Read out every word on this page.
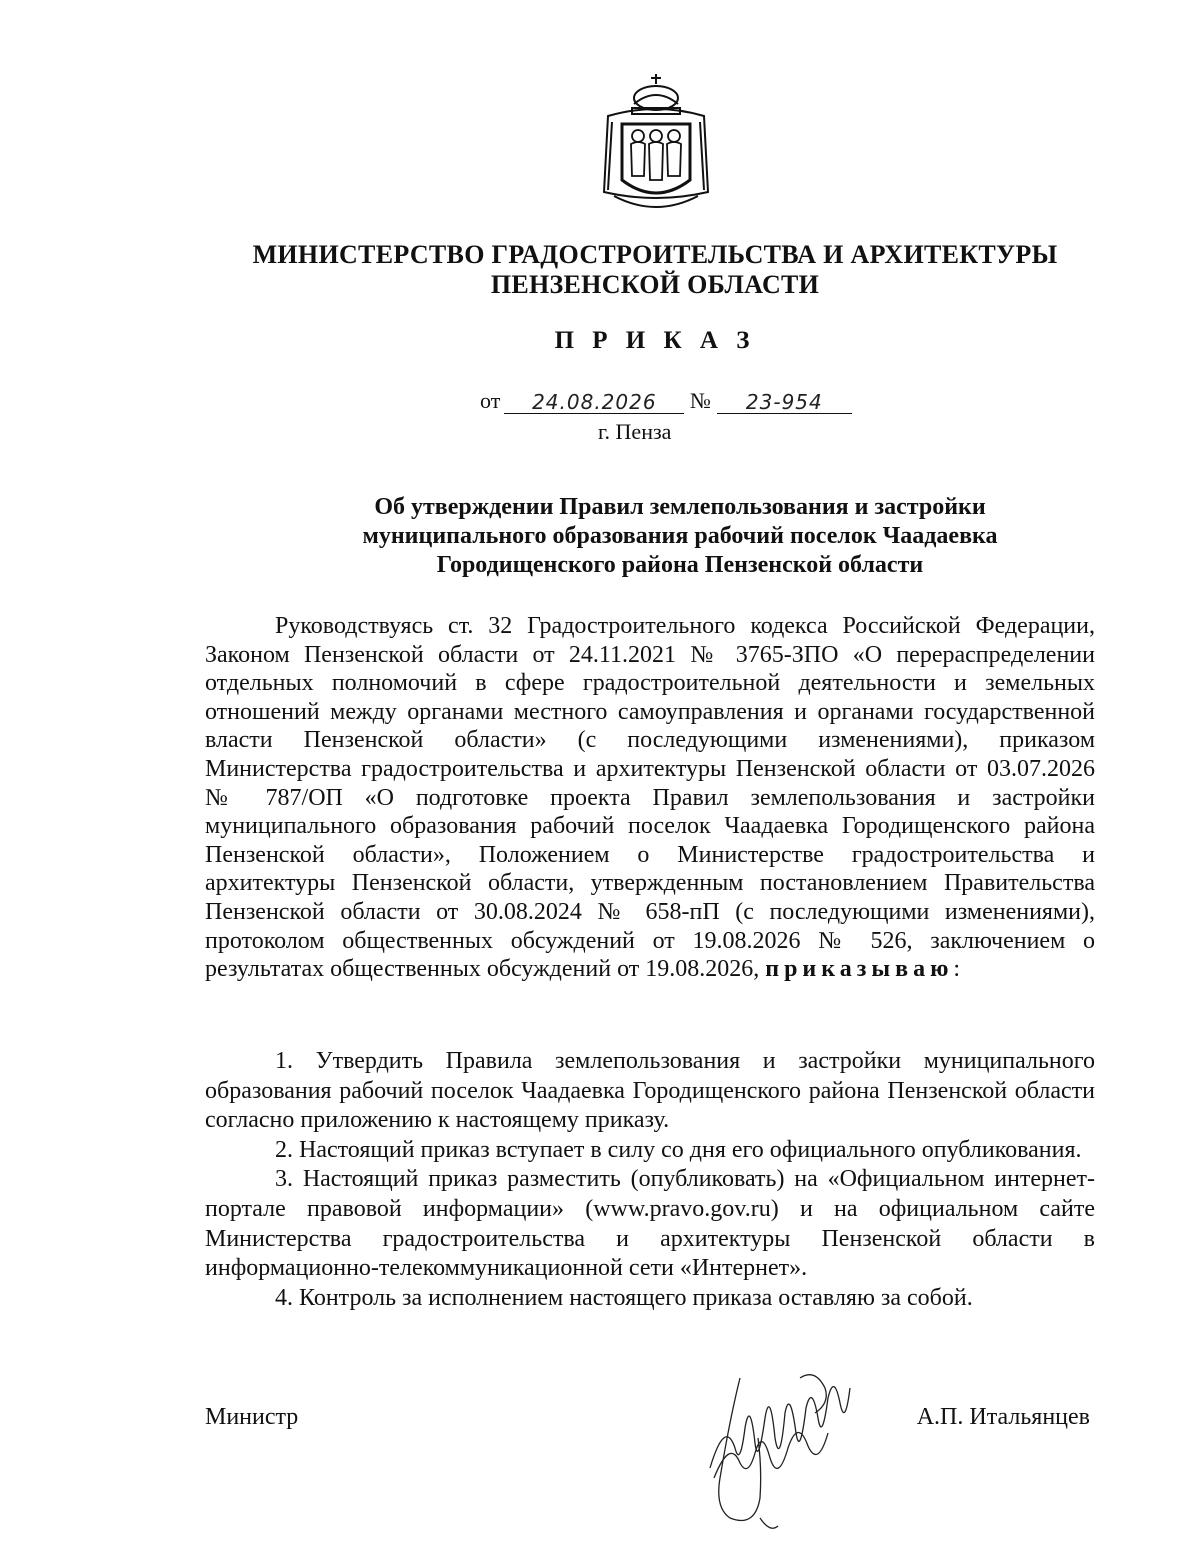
МИНИСТЕРСТВО ГРАДОСТРОИТЕЛЬСТВА И АРХИТЕКТУРЫ
ПЕНЗЕНСКОЙ ОБЛАСТИ
П Р И К А З
от 24.08.2026 № 23-954
г. Пенза
Об утверждении Правил землепользования и застройки
муниципального образования рабочий поселок Чаадаевка
Городищенского района Пензенской области
Руководствуясь ст. 32 Градостроительного кодекса Российской Федерации, Законом Пензенской области от 24.11.2021 № 3765-ЗПО «О перераспределении отдельных полномочий в сфере градостроительной деятельности и земельных отношений между органами местного самоуправления и органами государственной власти Пензенской области» (с последующими изменениями), приказом Министерства градостроительства и архитектуры Пензенской области от 03.07.2026 № 787/ОП «О подготовке проекта Правил землепользования и застройки муниципального образования рабочий поселок Чаадаевка Городищенского района Пензенской области», Положением о Министерстве градостроительства и архитектуры Пензенской области, утвержденным постановлением Правительства Пензенской области от 30.08.2024 № 658-пП (с последующими изменениями), протоколом общественных обсуждений от 19.08.2026 № 526, заключением о результатах общественных обсуждений от 19.08.2026, приказываю:
1. Утвердить Правила землепользования и застройки муниципального образования рабочий поселок Чаадаевка Городищенского района Пензенской области согласно приложению к настоящему приказу.
2. Настоящий приказ вступает в силу со дня его официального опубликования.
3. Настоящий приказ разместить (опубликовать) на «Официальном интернет-портале правовой информации» (www.pravo.gov.ru) и на официальном сайте Министерства градостроительства и архитектуры Пензенской области в информационно-телекоммуникационной сети «Интернет».
4. Контроль за исполнением настоящего приказа оставляю за собой.
Министр	А.П. Итальянцев
